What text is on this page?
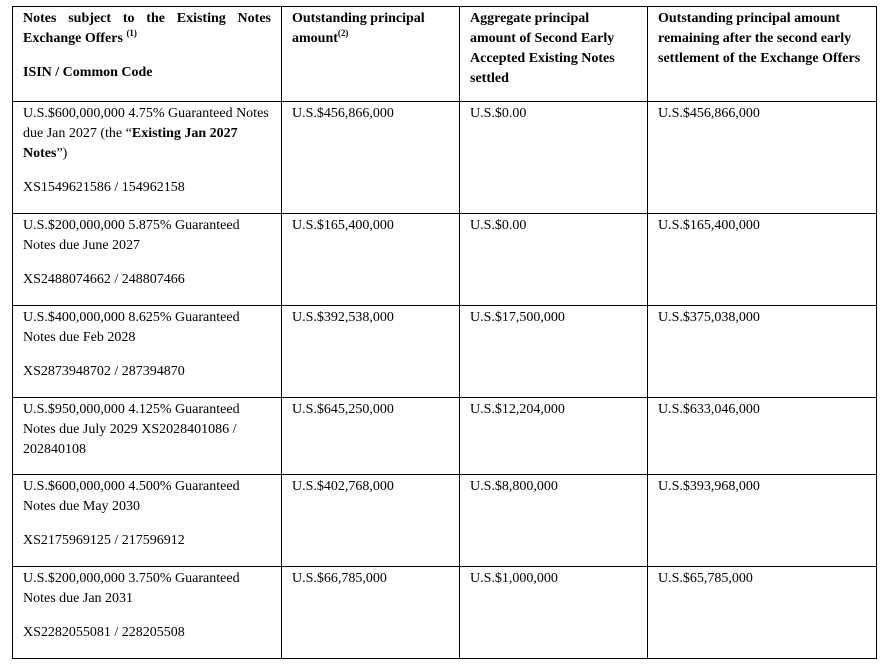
Notes subject to the Existing Notes Exchange Offers $^{(1)}$
ISIN / Common Code	Outstanding principal amount$^{(2)}$	Aggregate principal amount of Second Early Accepted Existing Notes settled	Outstanding principal amount remaining after the second early settlement of the Exchange Offers

U.S.$600,000,000 4.75% Guaranteed Notes due Jan 2027 (the “Existing Jan 2027 Notes”)
XS1549621586 / 154962158	U.S.$456,866,000	U.S.$0.00	U.S.$456,866,000

U.S.$200,000,000 5.875% Guaranteed Notes due June 2027
XS2488074662 / 248807466	U.S.$165,400,000	U.S.$0.00	U.S.$165,400,000

U.S.$400,000,000 8.625% Guaranteed Notes due Feb 2028
XS2873948702 / 287394870	U.S.$392,538,000	U.S.$17,500,000	U.S.$375,038,000

U.S.$950,000,000 4.125% Guaranteed Notes due July 2029 XS2028401086 / 202840108	U.S.$645,250,000	U.S.$12,204,000	U.S.$633,046,000

U.S.$600,000,000 4.500% Guaranteed Notes due May 2030
XS2175969125 / 217596912	U.S.$402,768,000	U.S.$8,800,000	U.S.$393,968,000

U.S.$200,000,000 3.750% Guaranteed Notes due Jan 2031
XS2282055081 / 228205508	U.S.$66,785,000	U.S.$1,000,000	U.S.$65,785,000
